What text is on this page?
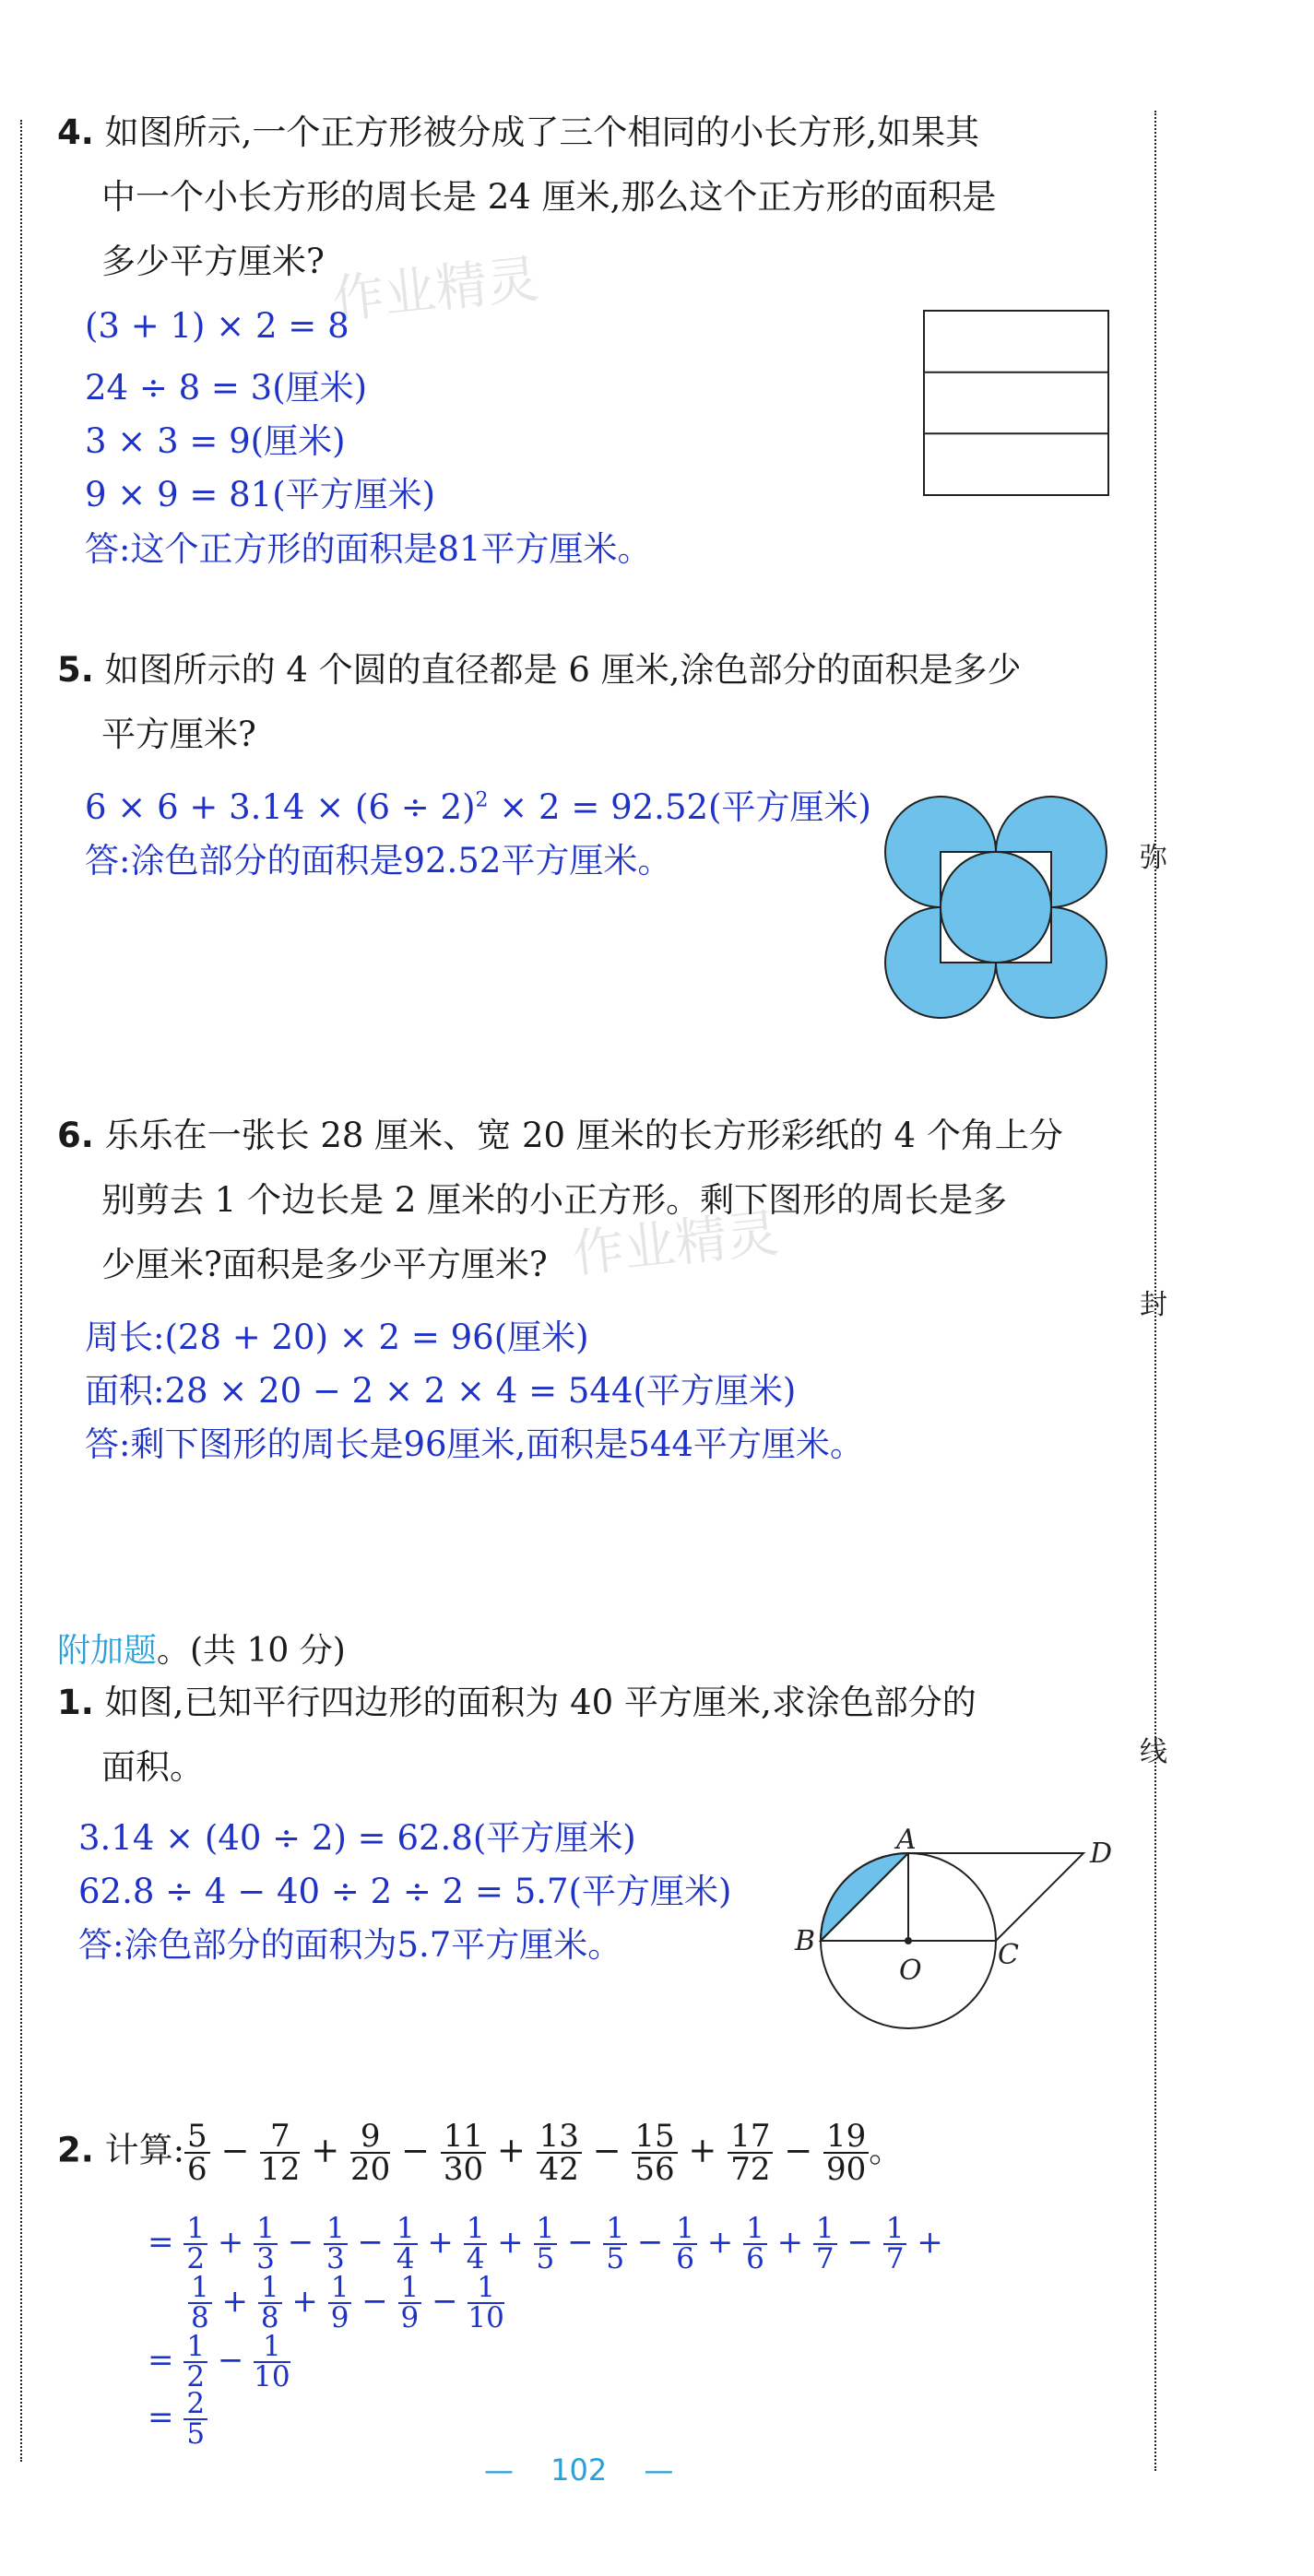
弥
封
线
作业精灵
作业精灵
4. 如图所示,一个正方形被分成了三个相同的小长方形,如果其
中一个小长方形的周长是 24 厘米,那么这个正方形的面积是
多少平方厘米?
(3 + 1) × 2 = 8
24 ÷ 8 = 3(厘米)
3 × 3 = 9(厘米)
9 × 9 = 81(平方厘米)
答:这个正方形的面积是81平方厘米。
5. 如图所示的 4 个圆的直径都是 6 厘米,涂色部分的面积是多少
平方厘米?
$6 \times 6 + 3.14 \times (6 \div 2)^2 \times 2 = 92.52$(平方厘米)
答:涂色部分的面积是92.52平方厘米。
6. 乐乐在一张长 28 厘米、宽 20 厘米的长方形彩纸的 4 个角上分
别剪去 1 个边长是 2 厘米的小正方形。剩下图形的周长是多
少厘米?面积是多少平方厘米?
周长:(28 + 20) × 2 = 96(厘米)
面积:28 × 20 − 2 × 2 × 4 = 544(平方厘米)
答:剩下图形的周长是96厘米,面积是544平方厘米。
附加题。(共 10 分)
1. 如图,已知平行四边形的面积为 40 平方厘米,求涂色部分的
面积。
3.14 × (40 ÷ 2) = 62.8(平方厘米)
62.8 ÷ 4 − 40 ÷ 2 ÷ 2 = 5.7(平方厘米)
答:涂色部分的面积为5.7平方厘米。
A
B	C
D
O
2. 计算: $\frac{5}{6} - \frac{7}{12} + \frac{9}{20} - \frac{11}{30} + \frac{13}{42} - \frac{15}{56} + \frac{17}{72} - \frac{19}{90}$ 。
= $\frac{1}{2} + \frac{1}{3} - \frac{1}{3} - \frac{1}{4} + \frac{1}{4} + \frac{1}{5} - \frac{1}{5} - \frac{1}{6} + \frac{1}{6} + \frac{1}{7} - \frac{1}{7}$ +
$\frac{1}{8} + \frac{1}{8} + \frac{1}{9} - \frac{1}{9} - \frac{1}{10}$
= $\frac{1}{2} - \frac{1}{10}$
= $\frac{2}{5}$
— 102 —
